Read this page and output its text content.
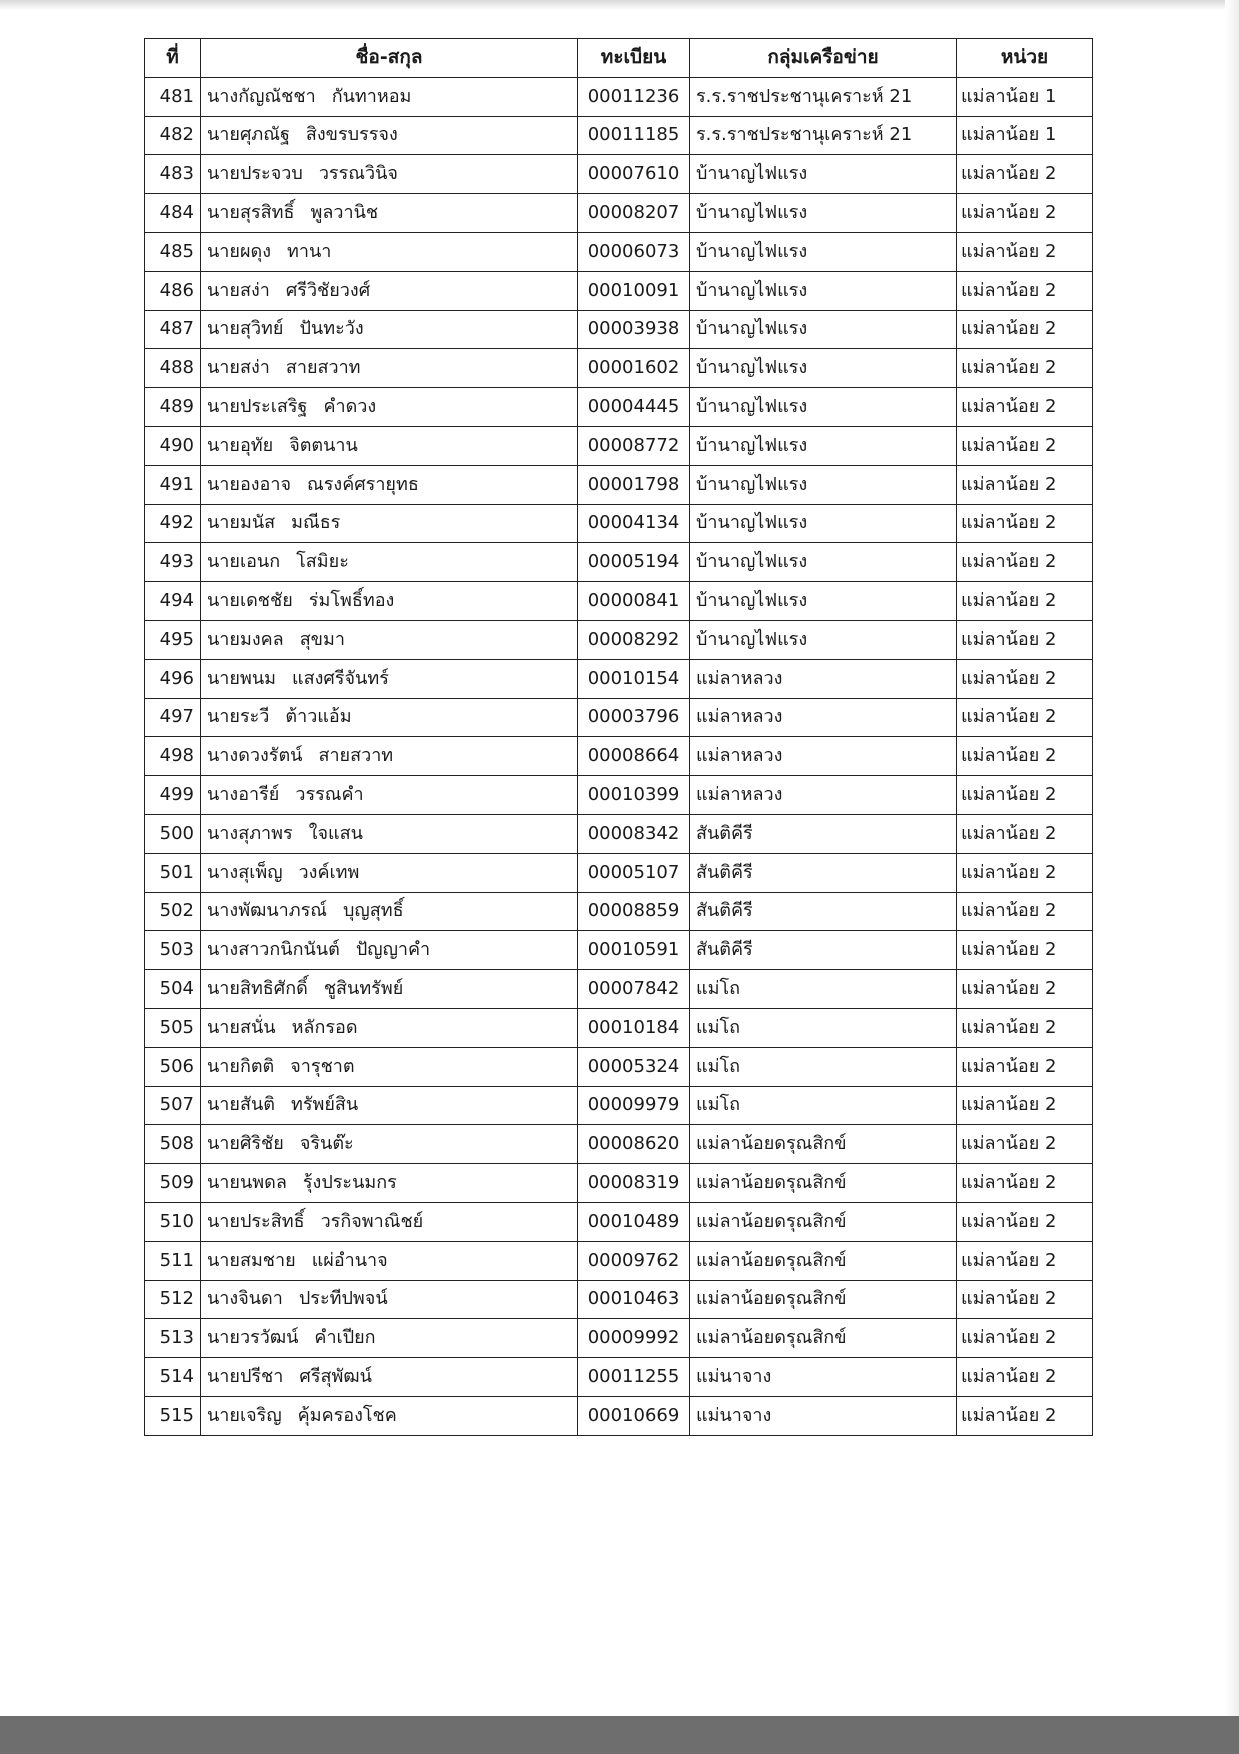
ที่	ชื่อ-สกุล	ทะเบียน	กลุ่มเครือข่าย	หน่วย
481	นางกัญณัชชา กันทาหอม	00011236	ร.ร.ราชประชานุเคราะห์ 21	แม่ลาน้อย 1
482	นายศุภณัฐ สิงขรบรรจง	00011185	ร.ร.ราชประชานุเคราะห์ 21	แม่ลาน้อย 1
483	นายประจวบ วรรณวินิจ	00007610	บ้านาญไฟแรง	แม่ลาน้อย 2
484	นายสุรสิทธิ์ พูลวานิช	00008207	บ้านาญไฟแรง	แม่ลาน้อย 2
485	นายผดุง ทานา	00006073	บ้านาญไฟแรง	แม่ลาน้อย 2
486	นายสง่า ศรีวิชัยวงศ์	00010091	บ้านาญไฟแรง	แม่ลาน้อย 2
487	นายสุวิทย์ ปันทะวัง	00003938	บ้านาญไฟแรง	แม่ลาน้อย 2
488	นายสง่า สายสวาท	00001602	บ้านาญไฟแรง	แม่ลาน้อย 2
489	นายประเสริฐ คำดวง	00004445	บ้านาญไฟแรง	แม่ลาน้อย 2
490	นายอุทัย จิตตนาน	00008772	บ้านาญไฟแรง	แม่ลาน้อย 2
491	นายองอาจ ณรงค์ศรายุทธ	00001798	บ้านาญไฟแรง	แม่ลาน้อย 2
492	นายมนัส มณีธร	00004134	บ้านาญไฟแรง	แม่ลาน้อย 2
493	นายเอนก โสมิยะ	00005194	บ้านาญไฟแรง	แม่ลาน้อย 2
494	นายเดชชัย ร่มโพธิ์ทอง	00000841	บ้านาญไฟแรง	แม่ลาน้อย 2
495	นายมงคล สุขมา	00008292	บ้านาญไฟแรง	แม่ลาน้อย 2
496	นายพนม แสงศรีจันทร์	00010154	แม่ลาหลวง	แม่ลาน้อย 2
497	นายระวี ต้าวแอ้ม	00003796	แม่ลาหลวง	แม่ลาน้อย 2
498	นางดวงรัตน์ สายสวาท	00008664	แม่ลาหลวง	แม่ลาน้อย 2
499	นางอารีย์ วรรณคำ	00010399	แม่ลาหลวง	แม่ลาน้อย 2
500	นางสุภาพร ใจแสน	00008342	สันติคีรี	แม่ลาน้อย 2
501	นางสุเพ็ญ วงค์เทพ	00005107	สันติคีรี	แม่ลาน้อย 2
502	นางพัฒนาภรณ์ บุญสุทธิ์	00008859	สันติคีรี	แม่ลาน้อย 2
503	นางสาวกนิกนันต์ ปัญญาคำ	00010591	สันติคีรี	แม่ลาน้อย 2
504	นายสิทธิศักดิ์ ชูสินทรัพย์	00007842	แม่โถ	แม่ลาน้อย 2
505	นายสนั่น หลักรอด	00010184	แม่โถ	แม่ลาน้อย 2
506	นายกิตติ จารุชาต	00005324	แม่โถ	แม่ลาน้อย 2
507	นายสันติ ทรัพย์สิน	00009979	แม่โถ	แม่ลาน้อย 2
508	นายศิริชัย จรินต๊ะ	00008620	แม่ลาน้อยดรุณสิกข์	แม่ลาน้อย 2
509	นายนพดล รุ้งประนมกร	00008319	แม่ลาน้อยดรุณสิกข์	แม่ลาน้อย 2
510	นายประสิทธิ์ วรกิจพาณิชย์	00010489	แม่ลาน้อยดรุณสิกข์	แม่ลาน้อย 2
511	นายสมชาย แผ่อำนาจ	00009762	แม่ลาน้อยดรุณสิกข์	แม่ลาน้อย 2
512	นางจินดา ประทีปพจน์	00010463	แม่ลาน้อยดรุณสิกข์	แม่ลาน้อย 2
513	นายวรวัฒน์ คำเปียก	00009992	แม่ลาน้อยดรุณสิกข์	แม่ลาน้อย 2
514	นายปรีชา ศรีสุพัฒน์	00011255	แม่นาจาง	แม่ลาน้อย 2
515	นายเจริญ คุ้มครองโชค	00010669	แม่นาจาง	แม่ลาน้อย 2
